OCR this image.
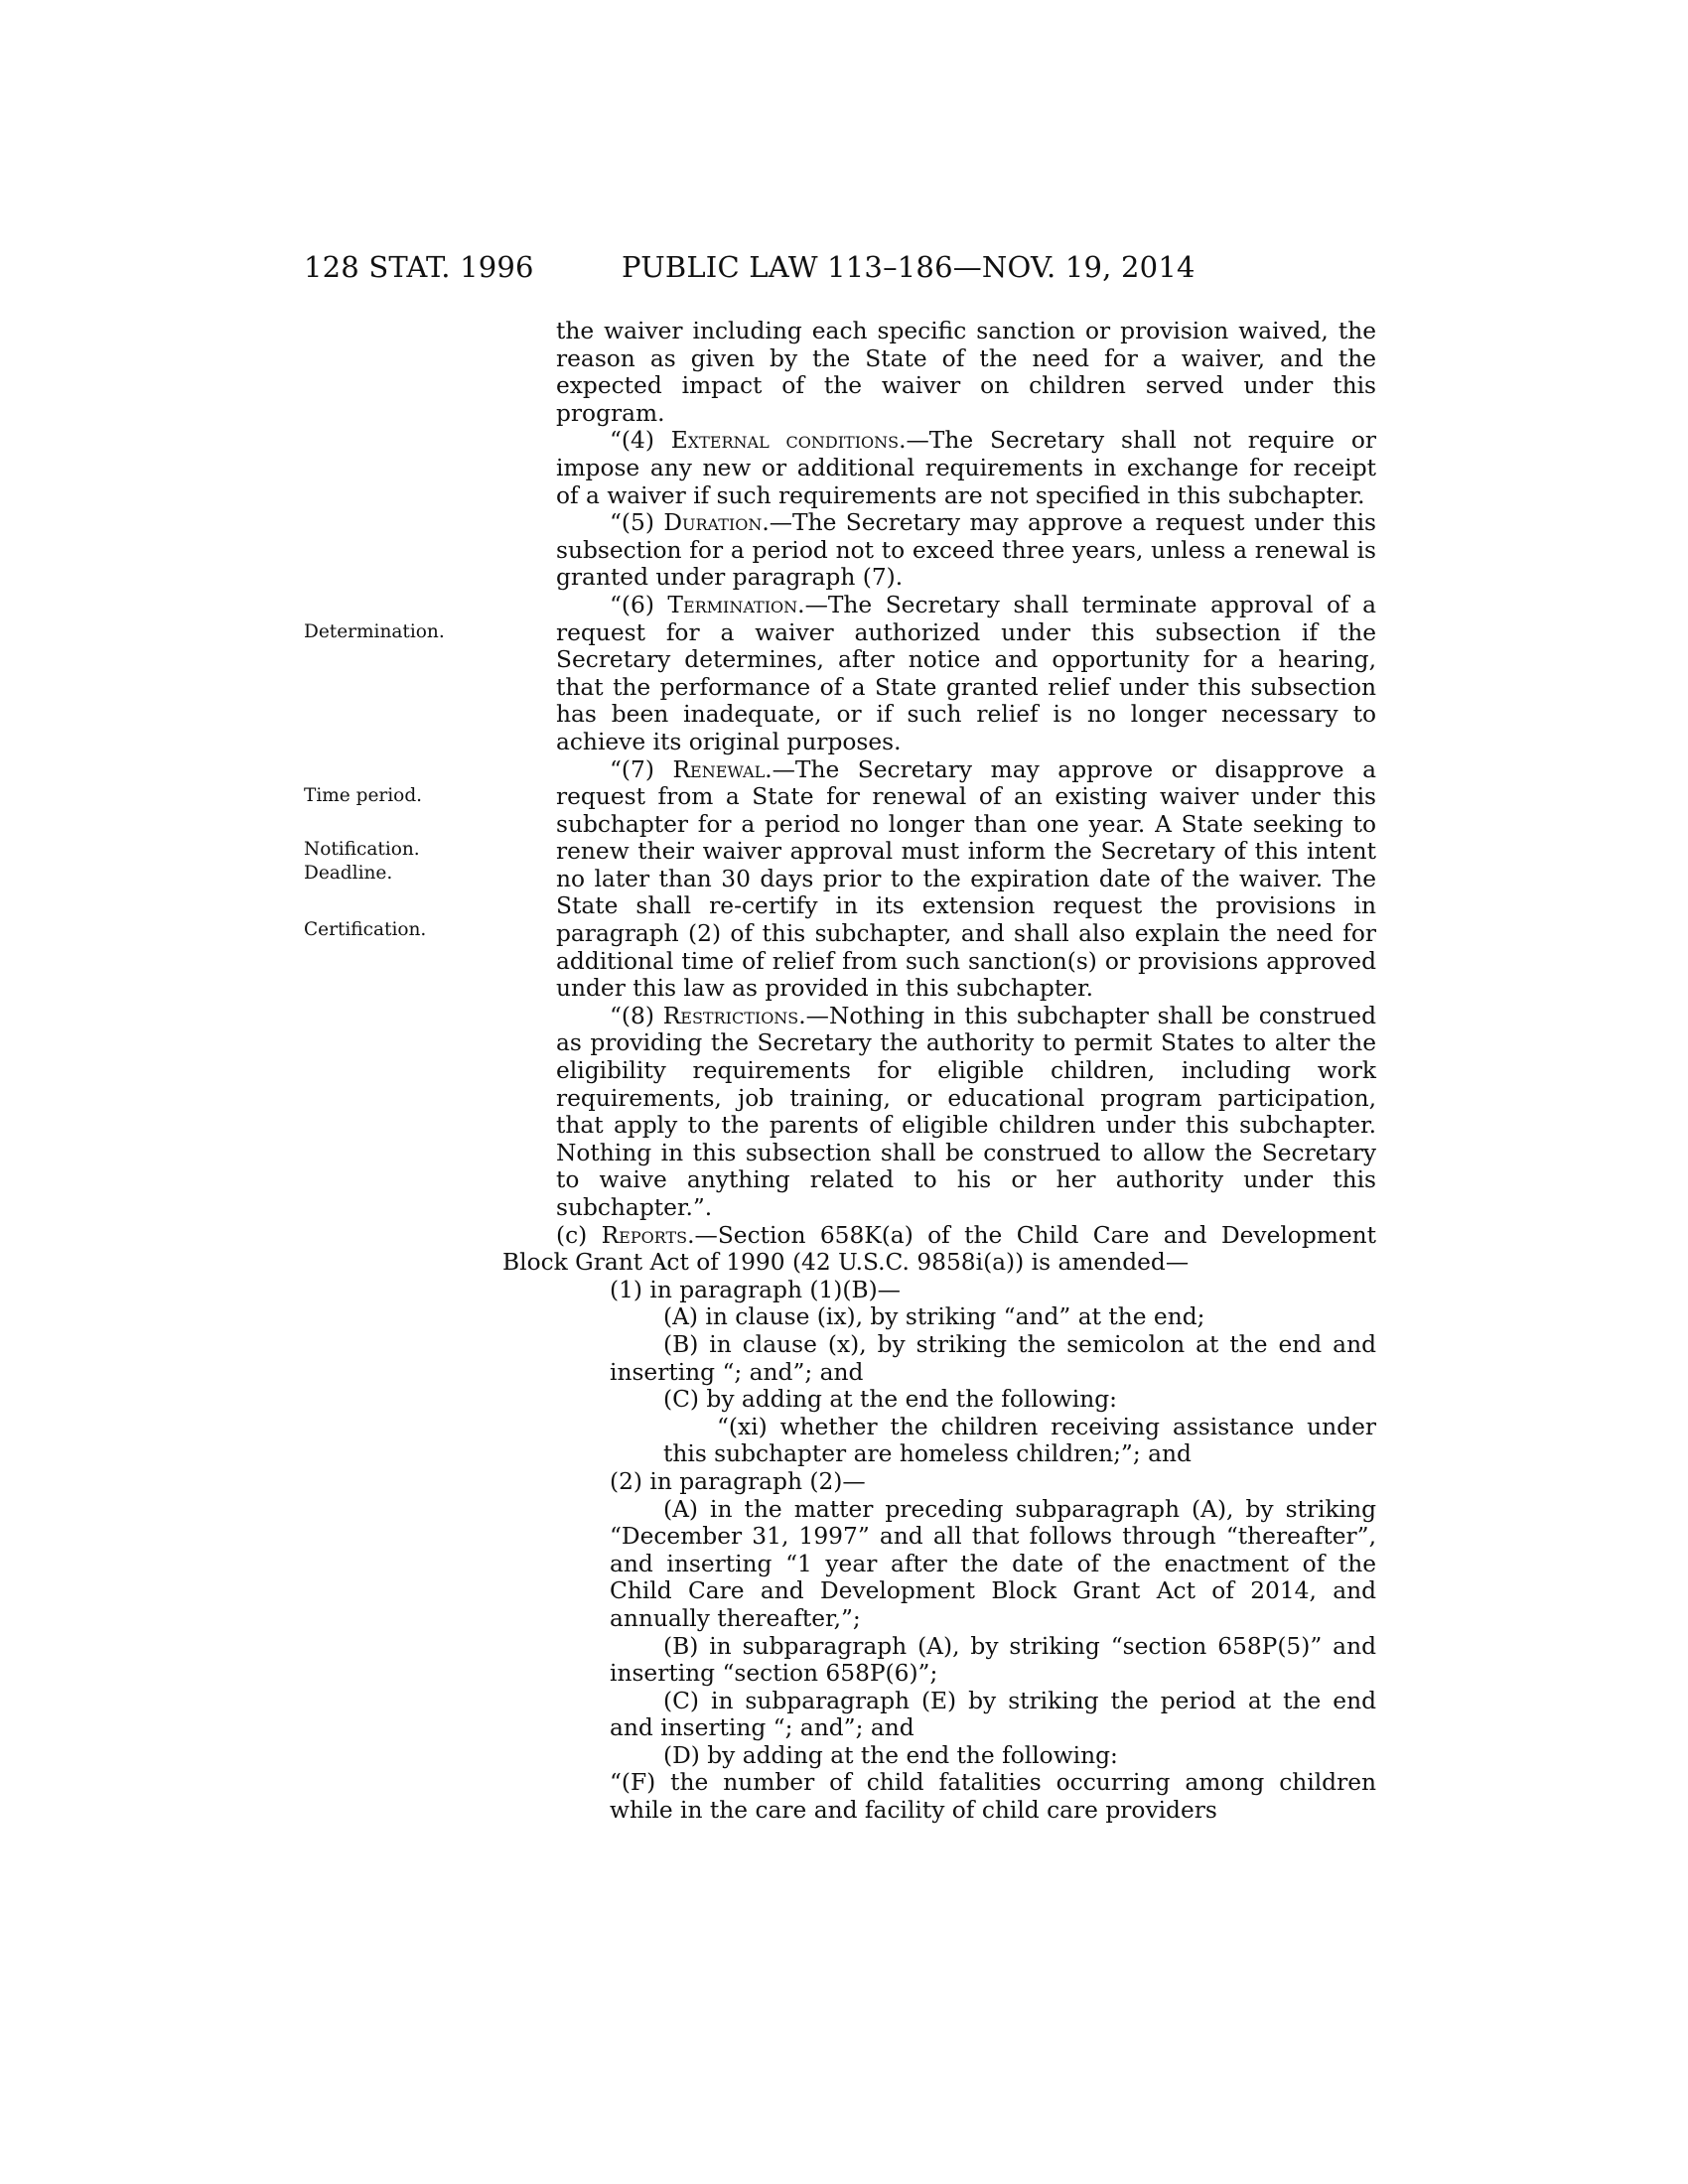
128 STAT. 1996	PUBLIC LAW 113–186—NOV. 19, 2014
Determination.
Time period.
Notification.
Deadline.
Certification.

the waiver including each specific sanction or provision waived, the reason as given by the State of the need for a waiver, and the expected impact of the waiver on children served under this program.

“(4) External conditions.—The Secretary shall not require or impose any new or additional requirements in exchange for receipt of a waiver if such requirements are not specified in this subchapter.

“(5) Duration.—The Secretary may approve a request under this subsection for a period not to exceed three years, unless a renewal is granted under paragraph (7).

“(6) Termination.—The Secretary shall terminate approval of a request for a waiver authorized under this subsection if the Secretary determines, after notice and opportunity for a hearing, that the performance of a State granted relief under this subsection has been inadequate, or if such relief is no longer necessary to achieve its original purposes.

“(7) Renewal.—The Secretary may approve or disapprove a request from a State for renewal of an existing waiver under this subchapter for a period no longer than one year. A State seeking to renew their waiver approval must inform the Secretary of this intent no later than 30 days prior to the expiration date of the waiver. The State shall re-certify in its extension request the provisions in paragraph (2) of this subchapter, and shall also explain the need for additional time of relief from such sanction(s) or provisions approved under this law as provided in this subchapter.

“(8) Restrictions.—Nothing in this subchapter shall be construed as providing the Secretary the authority to permit States to alter the eligibility requirements for eligible children, including work requirements, job training, or educational program participation, that apply to the parents of eligible children under this subchapter. Nothing in this subsection shall be construed to allow the Secretary to waive anything related to his or her authority under this subchapter.”.

(c) Reports.—Section 658K(a) of the Child Care and Development Block Grant Act of 1990 (42 U.S.C. 9858i(a)) is amended—

(1) in paragraph (1)(B)—

(A) in clause (ix), by striking “and” at the end;

(B) in clause (x), by striking the semicolon at the end and inserting “; and”; and

(C) by adding at the end the following:

“(xi) whether the children receiving assistance under this subchapter are homeless children;”; and

(2) in paragraph (2)—

(A) in the matter preceding subparagraph (A), by striking “December 31, 1997” and all that follows through “thereafter”, and inserting “1 year after the date of the enactment of the Child Care and Development Block Grant Act of 2014, and annually thereafter,”;

(B) in subparagraph (A), by striking “section 658P(5)” and inserting “section 658P(6)”;

(C) in subparagraph (E) by striking the period at the end and inserting “; and”; and

(D) by adding at the end the following:

“(F) the number of child fatalities occurring among children while in the care and facility of child care providers
